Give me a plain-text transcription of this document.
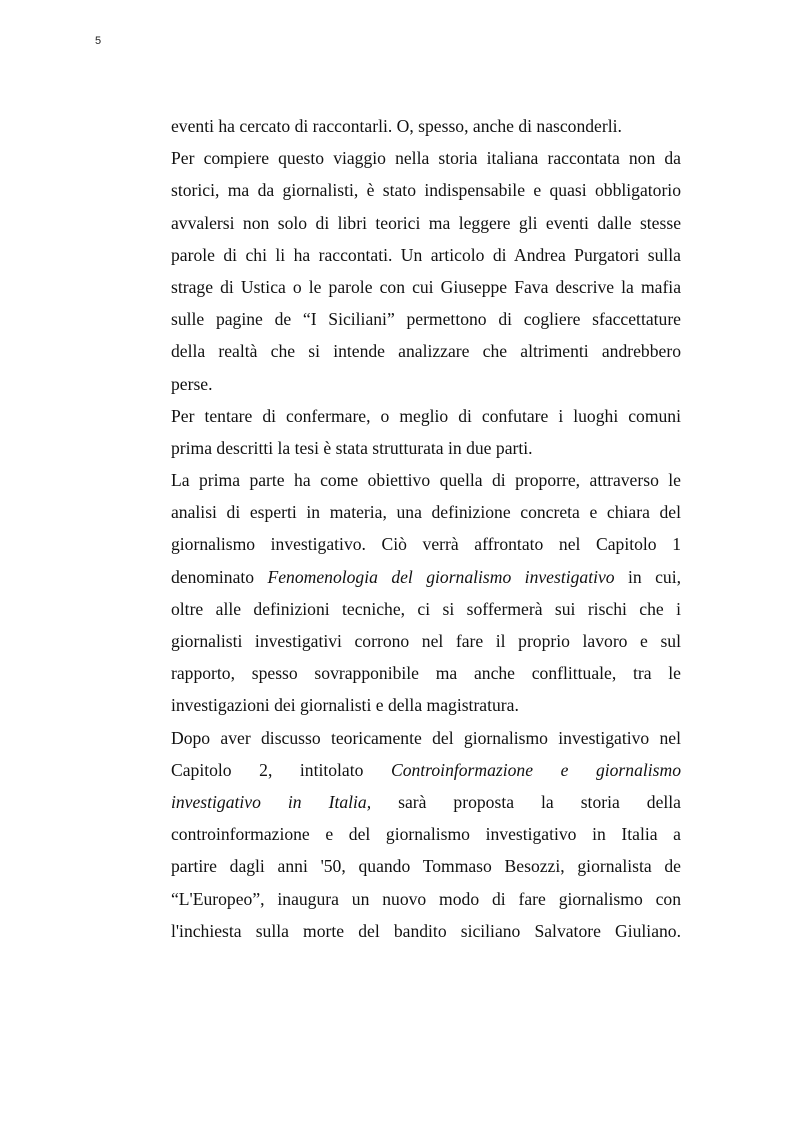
5
eventi ha cercato di raccontarli. O, spesso, anche di nasconderli.
Per compiere questo viaggio nella storia italiana raccontata non da
storici, ma da giornalisti, è stato indispensabile e quasi obbligatorio
avvalersi non solo di libri teorici ma leggere gli eventi dalle stesse
parole di chi li ha raccontati. Un articolo di Andrea Purgatori sulla
strage di Ustica o le parole con cui Giuseppe Fava descrive la mafia
sulle pagine de “I Siciliani” permettono di cogliere sfaccettature
della realtà che si intende analizzare che altrimenti andrebbero
perse.
Per tentare di confermare, o meglio di confutare i luoghi comuni
prima descritti la tesi è stata strutturata in due parti.
La prima parte ha come obiettivo quella di proporre, attraverso le
analisi di esperti in materia, una definizione concreta e chiara del
giornalismo investigativo. Ciò verrà affrontato nel Capitolo 1
denominato Fenomenologia del giornalismo investigativo in cui,
oltre alle definizioni tecniche, ci si soffermerà sui rischi che i
giornalisti investigativi corrono nel fare il proprio lavoro e sul
rapporto, spesso sovrapponibile ma anche conflittuale, tra le
investigazioni dei giornalisti e della magistratura.
Dopo aver discusso teoricamente del giornalismo investigativo nel
Capitolo 2, intitolato Controinformazione e giornalismo
investigativo in Italia, sarà proposta la storia della
controinformazione e del giornalismo investigativo in Italia a
partire dagli anni '50, quando Tommaso Besozzi, giornalista de
“L'Europeo”, inaugura un nuovo modo di fare giornalismo con
l'inchiesta sulla morte del bandito siciliano Salvatore Giuliano.
